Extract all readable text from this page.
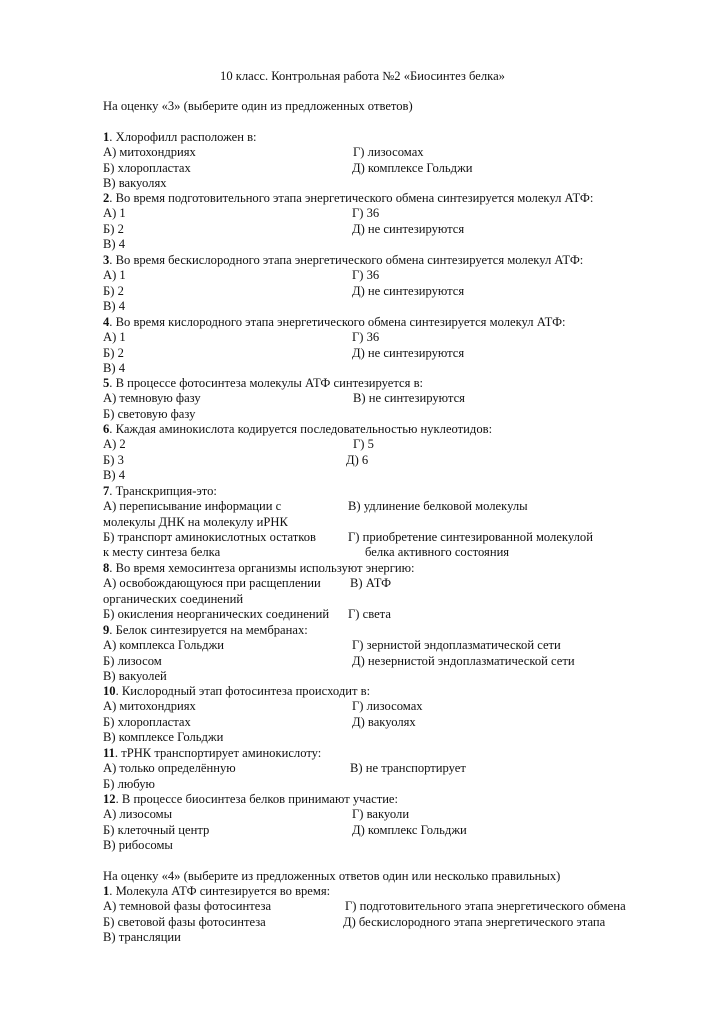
10 класс. Контрольная работа №2 «Биосинтез белка»
На оценку «3» (выберите один из предложенных ответов)
1. Хлорофилл расположен в:
А) митохондриях	Г) лизосомах
Б) хлоропластах	Д) комплексе Гольджи
В) вакуолях
2. Во время подготовительного этапа энергетического обмена синтезируется молекул АТФ:
А) 1	Г) 36
Б) 2	Д) не синтезируются
В) 4
3. Во время бескислородного этапа энергетического обмена синтезируется молекул АТФ:
А) 1	Г) 36
Б) 2	Д) не синтезируются
В) 4
4. Во время кислородного этапа энергетического обмена синтезируется молекул АТФ:
А) 1	Г) 36
Б) 2	Д) не синтезируются
В) 4
5. В процессе фотосинтеза молекулы АТФ синтезируется в:
А) темновую фазу	В) не синтезируются
Б) световую фазу
6. Каждая аминокислота кодируется последовательностью нуклеотидов:
А) 2	Г) 5
Б) 3	Д) 6
В) 4
7. Транскрипция-это:
А) переписывание информации с	В) удлинение белковой молекулы
молекулы ДНК на молекулу иРНК
Б) транспорт аминокислотных остатков	Г) приобретение синтезированной молекулой
к месту синтеза белка	белка активного состояния
8. Во время хемосинтеза организмы используют энергию:
А) освобождающуюся при расщеплении В) АТФ
органических соединений
Б) окисления неорганических соединений Г) света
9. Белок синтезируется на мембранах:
А) комплекса Гольджи	Г) зернистой эндоплазматической сети
Б) лизосом	Д) незернистой эндоплазматической сети
В) вакуолей
10. Кислородный этап фотосинтеза происходит в:
А) митохондриях	Г) лизосомах
Б) хлоропластах	Д) вакуолях
В) комплексе Гольджи
11. тРНК транспортирует аминокислоту:
А) только определённую	В) не транспортирует
Б) любую
12. В процессе биосинтеза белков принимают участие:
А) лизосомы	Г) вакуоли
Б) клеточный центр	Д) комплекс Гольджи
В) рибосомы
На оценку «4» (выберите из предложенных ответов один или несколько правильных)
1. Молекула АТФ синтезируется во время:
А) темновой фазы фотосинтеза	Г) подготовительного этапа энергетического обмена
Б) световой фазы фотосинтеза	Д) бескислородного этапа энергетического этапа
В) трансляции
